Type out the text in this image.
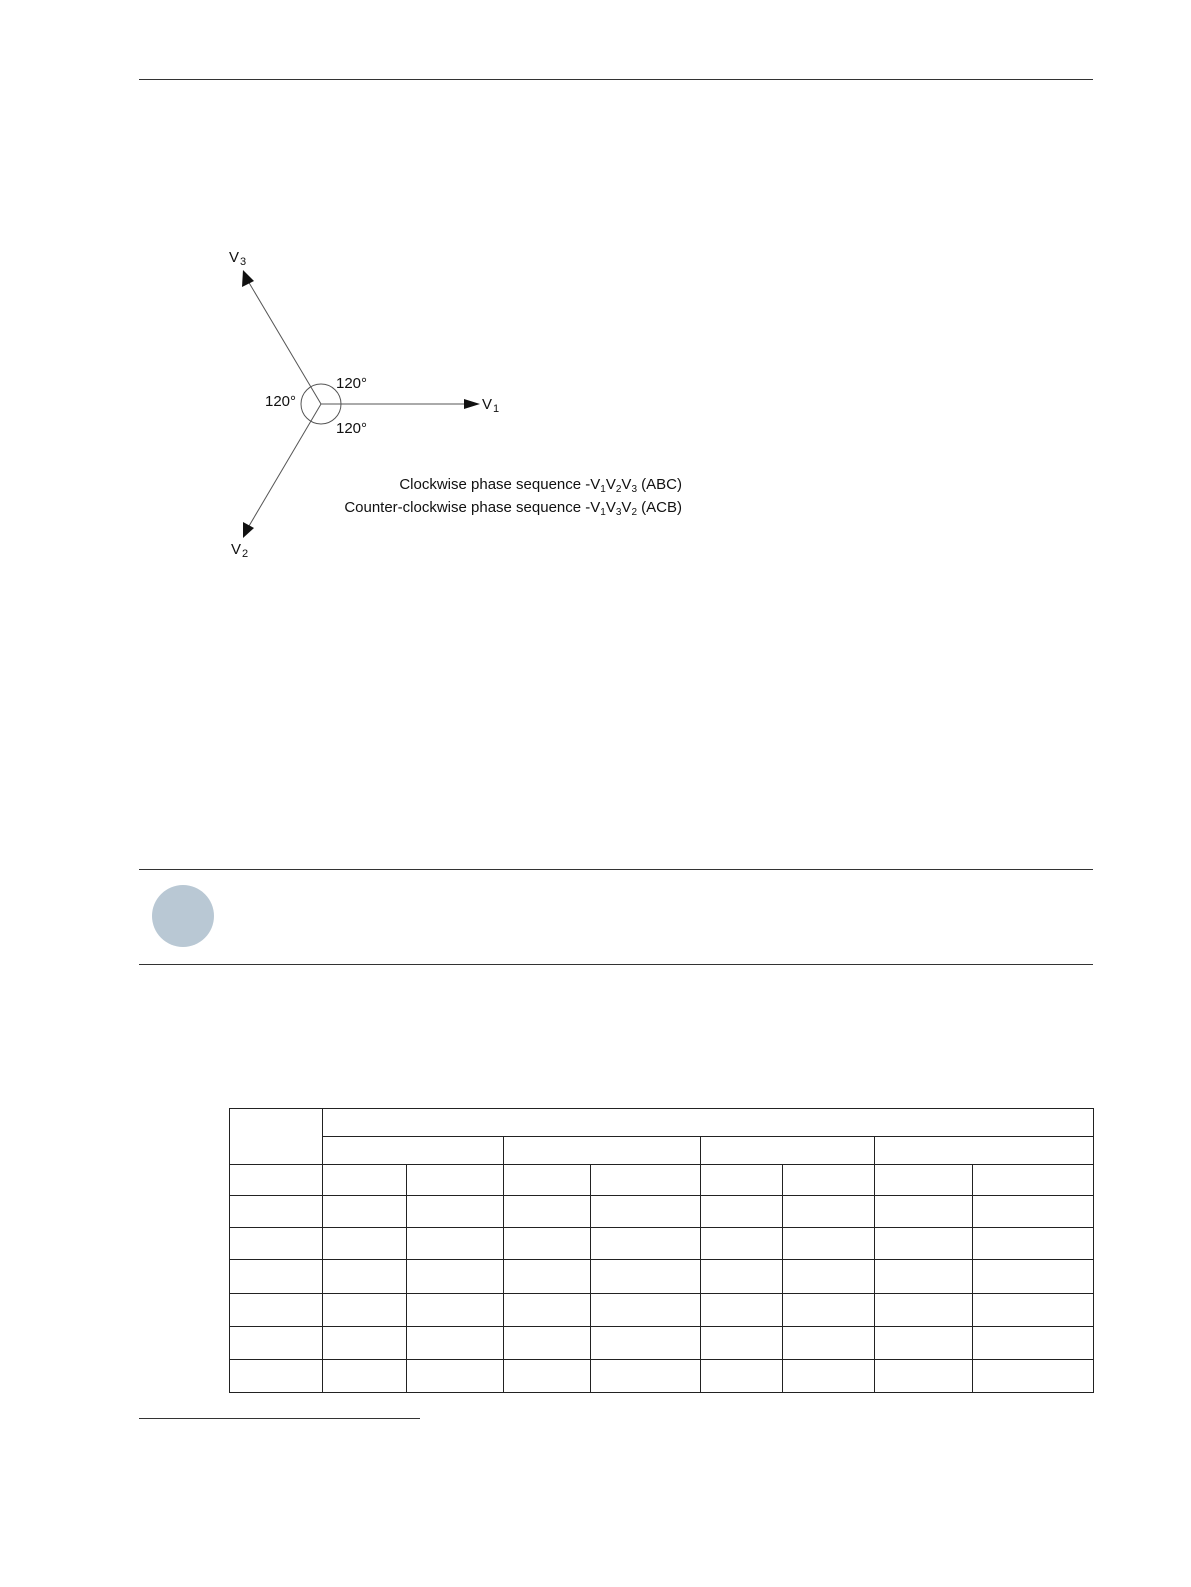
$V_3$
$V_1$
$V_2$
120°
120°
120°
Clockwise phase sequence $-V_1V_2V_3$ (ABC)
Counter-clockwise phase sequence $-V_1V_3V_2$ (ACB)
